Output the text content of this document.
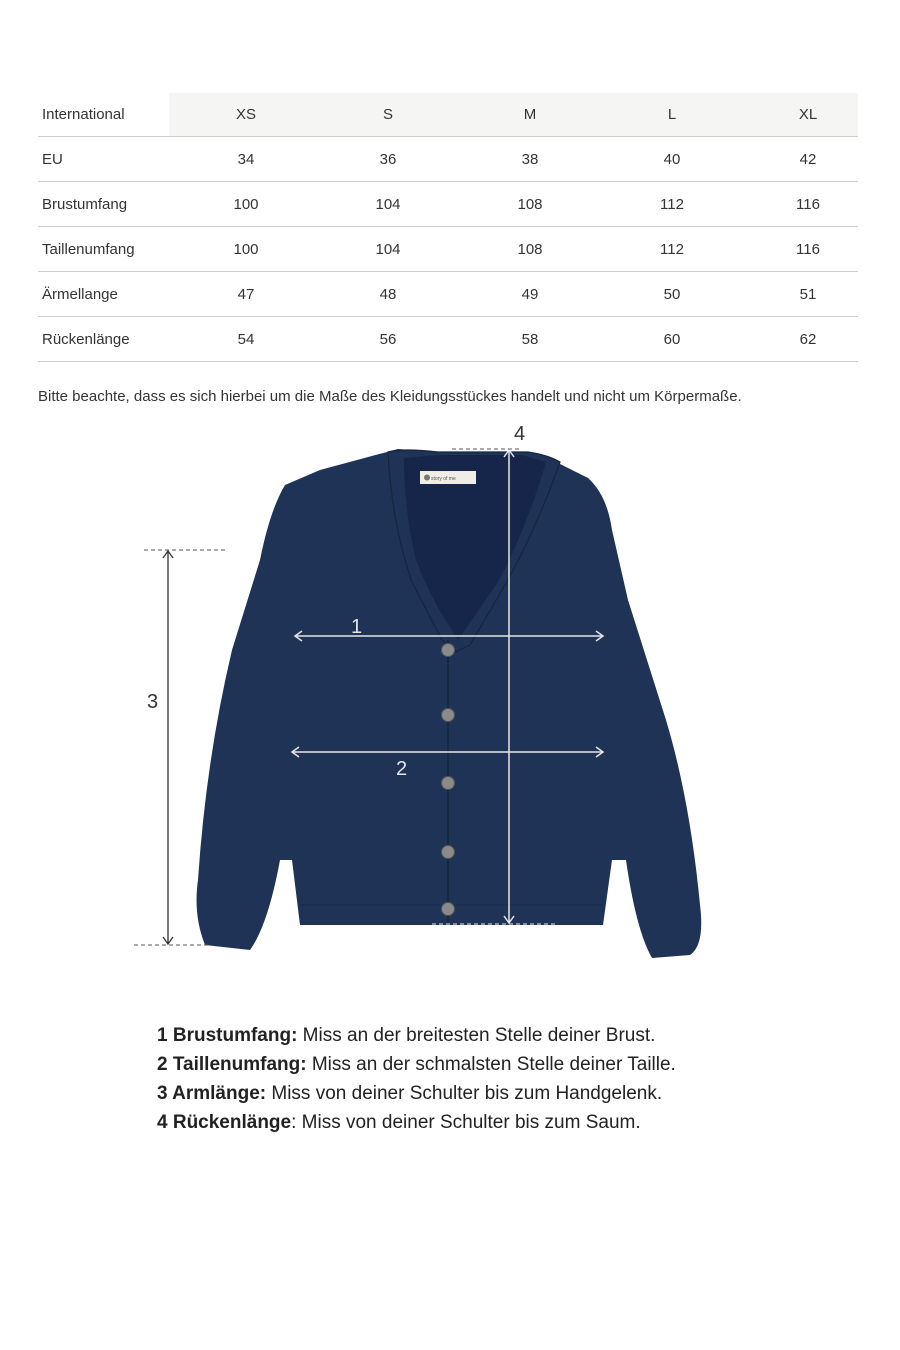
International	XS	S	M	L	XL
EU	34	36	38	40	42
Brustumfang	100	104	108	112	116
Taillenumfang	100	104	108	112	116
Ärmellange	47	48	49	50	51
Rückenlänge	54	56	58	60	62
Bitte beachte, dass es sich hierbei um die Maße des Kleidungsstückes handelt und nicht um Körpermaße.
story of me
1
2
3
4
1 Brustumfang: Miss an der breitesten Stelle deiner Brust.
2 Taillenumfang: Miss an der schmalsten Stelle deiner Taille.
3 Armlänge: Miss von deiner Schulter bis zum Handgelenk.
4 Rückenlänge: Miss von deiner Schulter bis zum Saum.
